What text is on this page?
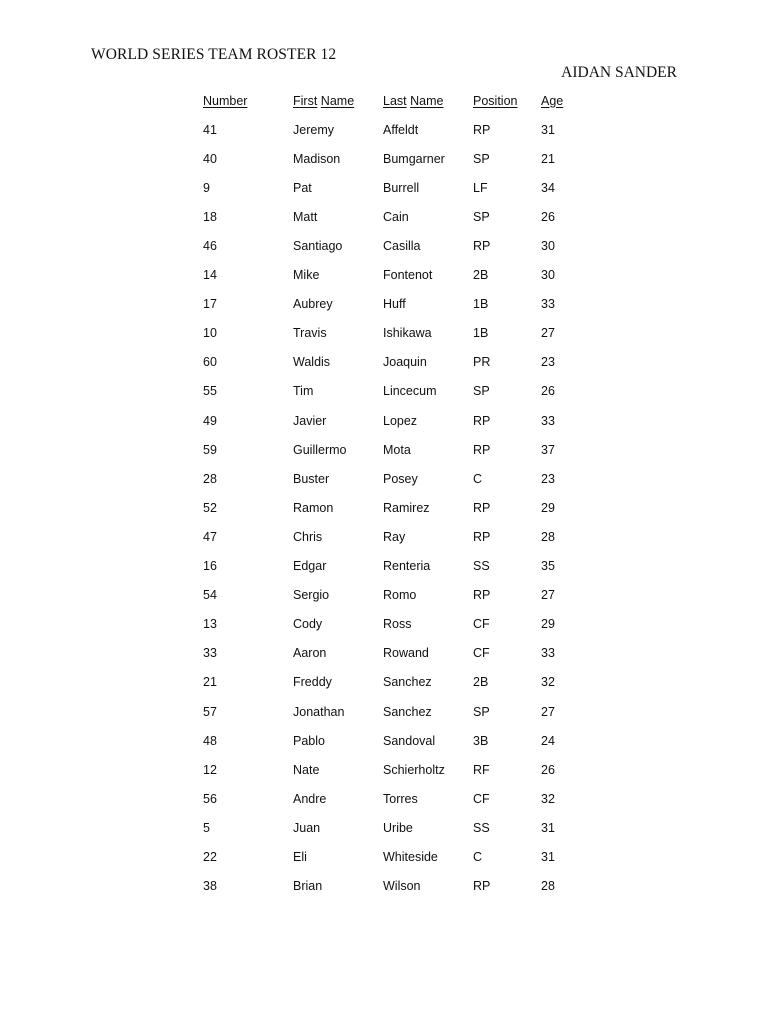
WORLD SERIES TEAM ROSTER 12
AIDAN SANDER
Number	First Name	Last Name	Position	Age
41	Jeremy	Affeldt	RP	31
40	Madison	Bumgarner	SP	21
9	Pat	Burrell	LF	34
18	Matt	Cain	SP	26
46	Santiago	Casilla	RP	30
14	Mike	Fontenot	2B	30
17	Aubrey	Huff	1B	33
10	Travis	Ishikawa	1B	27
60	Waldis	Joaquin	PR	23
55	Tim	Lincecum	SP	26
49	Javier	Lopez	RP	33
59	Guillermo	Mota	RP	37
28	Buster	Posey	C	23
52	Ramon	Ramirez	RP	29
47	Chris	Ray	RP	28
16	Edgar	Renteria	SS	35
54	Sergio	Romo	RP	27
13	Cody	Ross	CF	29
33	Aaron	Rowand	CF	33
21	Freddy	Sanchez	2B	32
57	Jonathan	Sanchez	SP	27
48	Pablo	Sandoval	3B	24
12	Nate	Schierholtz	RF	26
56	Andre	Torres	CF	32
5	Juan	Uribe	SS	31
22	Eli	Whiteside	C	31
38	Brian	Wilson	RP	28
